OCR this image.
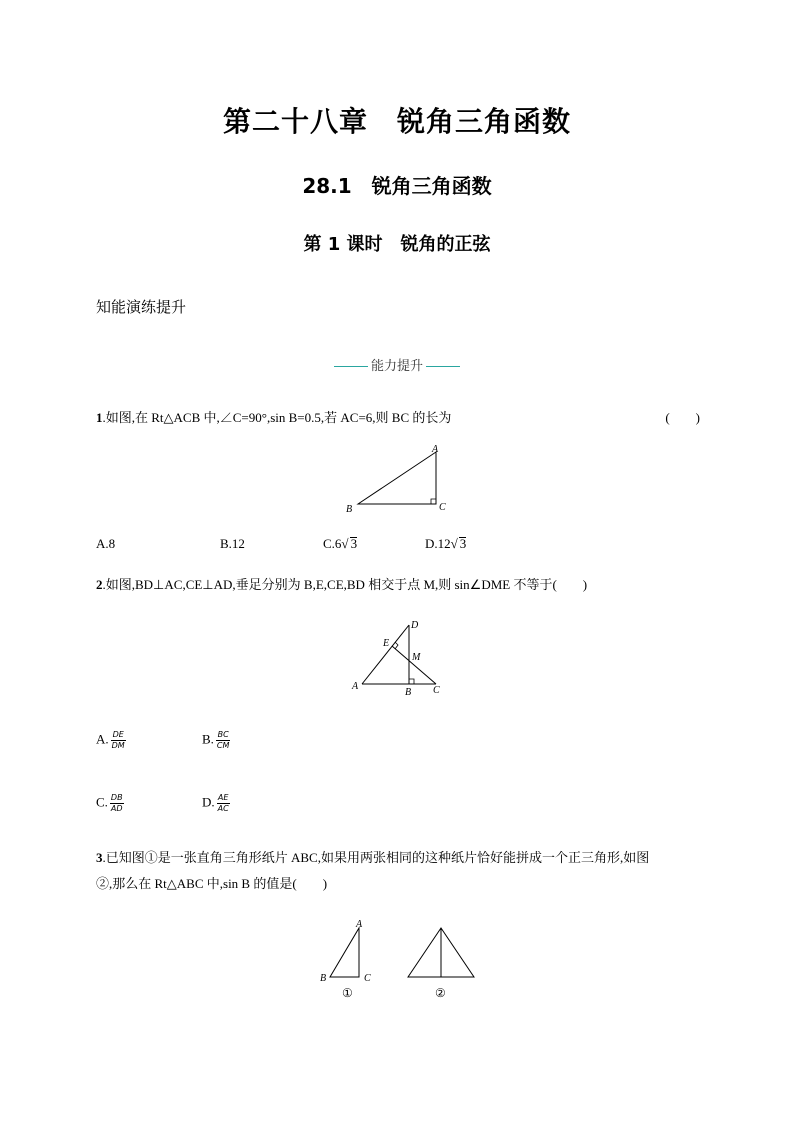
第二十八章　锐角三角函数
28.1　锐角三角函数
第 1 课时　锐角的正弦
知能演练提升
能力提升
1.如图,在 Rt△ACB 中,∠C=90°,sin B=0.5,若 AC=6,则 BC 的长为	(　　)
A
B	C
A.8	B.12	C.6√ 3	D.12√ 3
2.如图,BD⊥AC,CE⊥AD,垂足分别为 B,E,CE,BD 相交于点 M,则 sin∠DME 不等于(　　)
D
E
M
A
B C
A. $\frac{DE}{DM}$	B. $\frac{BC}{CM}$
C. $\frac{DB}{AD}$	D. $\frac{AE}{AC}$
3.已知图①是一张直角三角形纸片 ABC,如果用两张相同的这种纸片恰好能拼成一个正三角形,如图
②,那么在 Rt△ABC 中,sin B 的值是(　　)
A
B	C
①	②
